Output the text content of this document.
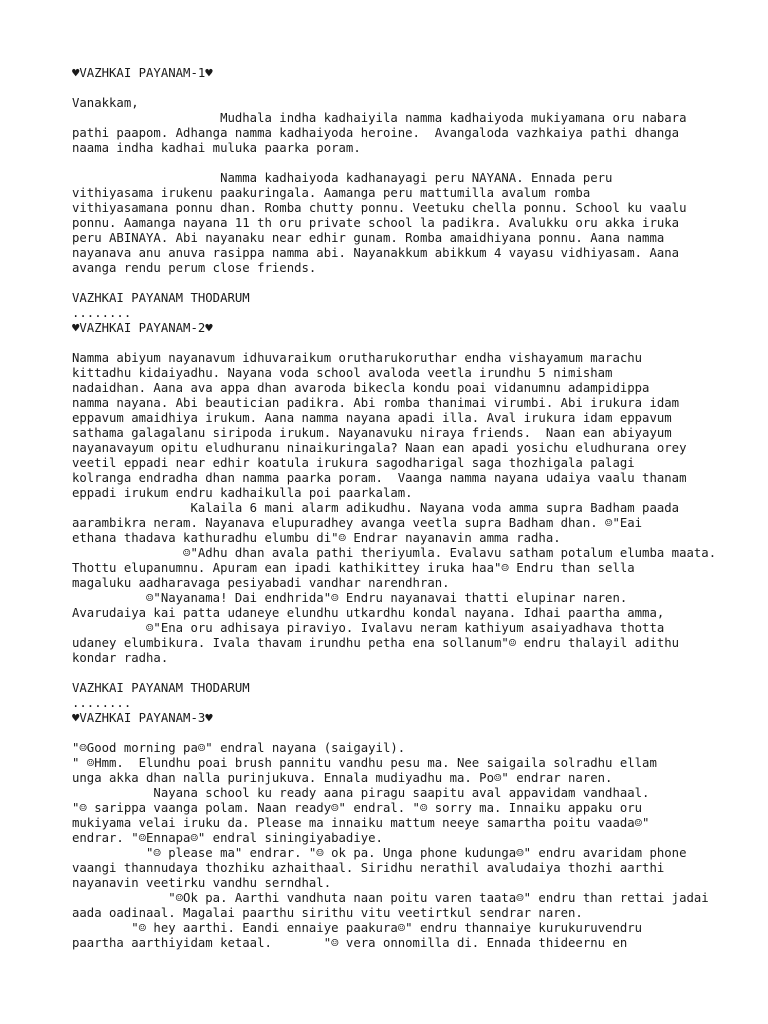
♥VAZHKAI PAYANAM-1♥
Vanakkam,
Mudhala indha kadhaiyila namma kadhaiyoda mukiyamana oru nabara
pathi paapom. Adhanga namma kadhaiyoda heroine.  Avangaloda vazhkaiya pathi dhanga
naama indha kadhai muluka paarka poram.
Namma kadhaiyoda kadhanayagi peru NAYANA. Ennada peru
vithiyasama irukenu paakuringala. Aamanga peru mattumilla avalum romba
vithiyasamana ponnu dhan. Romba chutty ponnu. Veetuku chella ponnu. School ku vaalu
ponnu. Aamanga nayana 11 th oru private school la padikra. Avalukku oru akka iruka
peru ABINAYA. Abi nayanaku near edhir gunam. Romba amaidhiyana ponnu. Aana namma
nayanava anu anuva rasippa namma abi. Nayanakkum abikkum 4 vayasu vidhiyasam. Aana
avanga rendu perum close friends.
VAZHKAI PAYANAM THODARUM
........
♥VAZHKAI PAYANAM-2♥
Namma abiyum nayanavum idhuvaraikum orutharukoruthar endha vishayamum marachu
kittadhu kidaiyadhu. Nayana voda school avaloda veetla irundhu 5 nimisham
nadaidhan. Aana ava appa dhan avaroda bikecla kondu poai vidanumnu adampidippa
namma nayana. Abi beautician padikra. Abi romba thanimai virumbi. Abi irukura idam
eppavum amaidhiya irukum. Aana namma nayana apadi illa. Aval irukura idam eppavum
sathama galagalanu siripoda irukum. Nayanavuku niraya friends.  Naan ean abiyayum
nayanavayum opitu eludhuranu ninaikuringala? Naan ean apadi yosichu eludhurana orey
veetil eppadi near edhir koatula irukura sagodharigal saga thozhigala palagi
kolranga endradha dhan namma paarka poram.  Vaanga namma nayana udaiya vaalu thanam
eppadi irukum endru kadhaikulla poi paarkalam.
Kalaila 6 mani alarm adikudhu. Nayana voda amma supra Badham paada
aarambikra neram. Nayanava elupuradhey avanga veetla supra Badham dhan. ☺"Eai
ethana thadava kathuradhu elumbu di"☺ Endrar nayanavin amma radha.
☺"Adhu dhan avala pathi theriyumla. Evalavu satham potalum elumba maata.
Thottu elupanumnu. Apuram ean ipadi kathikittey iruka haa"☺ Endru than sella
magaluku aadharavaga pesiyabadi vandhar narendhran.
☺"Nayanama! Dai endhrida"☺ Endru nayanavai thatti elupinar naren.
Avarudaiya kai patta udaneye elundhu utkardhu kondal nayana. Idhai paartha amma,
☺"Ena oru adhisaya piraviyo. Ivalavu neram kathiyum asaiyadhava thotta
udaney elumbikura. Ivala thavam irundhu petha ena sollanum"☺ endru thalayil adithu
kondar radha.
VAZHKAI PAYANAM THODARUM
........
♥VAZHKAI PAYANAM-3♥
"☺Good morning pa☺" endral nayana (saigayil).
" ☺Hmm.  Elundhu poai brush pannitu vandhu pesu ma. Nee saigaila solradhu ellam
unga akka dhan nalla purinjukuva. Ennala mudiyadhu ma. Po☺" endrar naren.
Nayana school ku ready aana piragu saapitu aval appavidam vandhaal.
"☺ sarippa vaanga polam. Naan ready☺" endral. "☺ sorry ma. Innaiku appaku oru
mukiyama velai iruku da. Please ma innaiku mattum neeye samartha poitu vaada☺"
endrar. "☺Ennapa☺" endral siningiyabadiye.
"☺ please ma" endrar. "☺ ok pa. Unga phone kudunga☺" endru avaridam phone
vaangi thannudaya thozhiku azhaithaal. Siridhu nerathil avaludaiya thozhi aarthi
nayanavin veetirku vandhu serndhal.
"☺Ok pa. Aarthi vandhuta naan poitu varen taata☺" endru than rettai jadai
aada oadinaal. Magalai paarthu sirithu vitu veetirtkul sendrar naren.
"☺ hey aarthi. Eandi ennaiye paakura☺" endru thannaiye kurukuruvendru
paartha aarthiyidam ketaal.       "☺ vera onnomilla di. Ennada thideernu en
